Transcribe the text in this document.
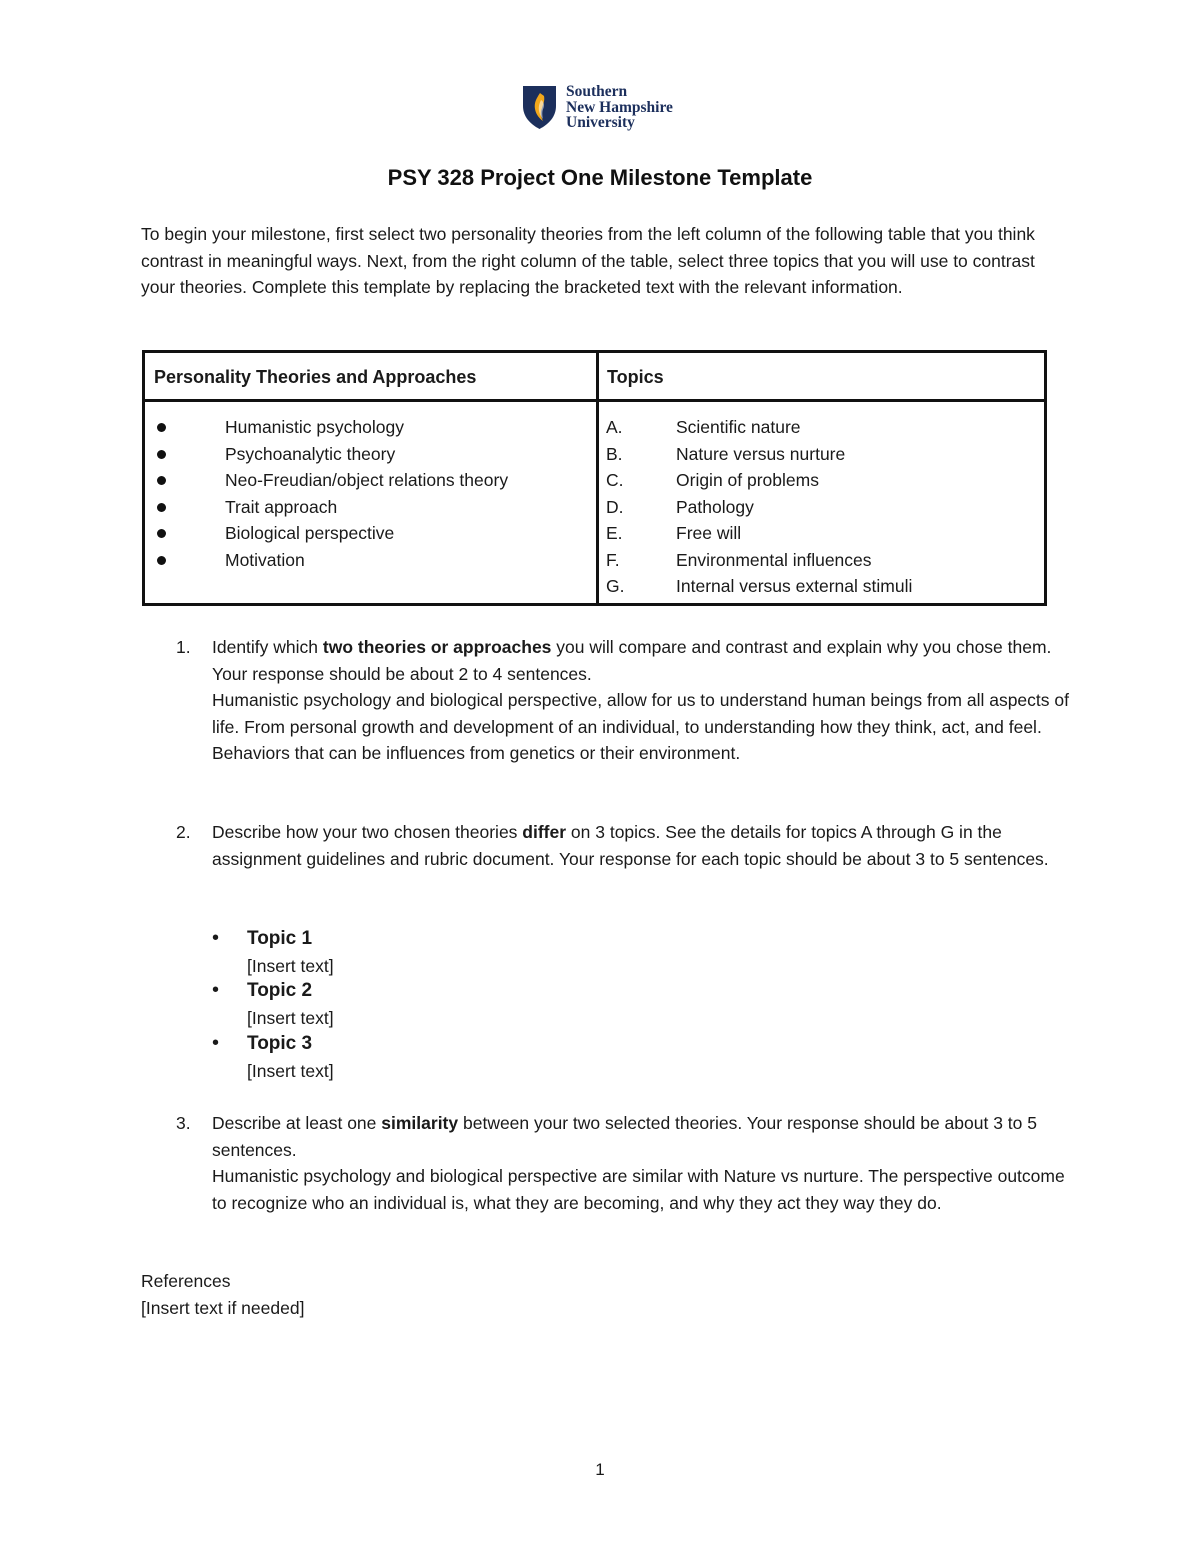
Southern
New Hampshire
University
PSY 328 Project One Milestone Template
To begin your milestone, first select two personality theories from the left column of the following table that you think contrast in meaningful ways. Next, from the right column of the table, select three topics that you will use to contrast your theories. Complete this template by replacing the bracketed text with the relevant information.
Personality Theories and Approaches	Topics
Humanistic psychology
Psychoanalytic theory
Neo-Freudian/object relations theory
Trait approach
Biological perspective
Motivation
A.	Scientific nature
B.	Nature versus nurture
C.	Origin of problems
D.	Pathology
E.	Free will
F.	Environmental influences
G.	Internal versus external stimuli
1. Identify which two theories or approaches you will compare and contrast and explain why you chose them. Your response should be about 2 to 4 sentences.
Humanistic psychology and biological perspective, allow for us to understand human beings from all aspects of life. From personal growth and development of an individual, to understanding how they think, act, and feel. Behaviors that can be influences from genetics or their environment.
2. Describe how your two chosen theories differ on 3 topics. See the details for topics A through G in the assignment guidelines and rubric document. Your response for each topic should be about 3 to 5 sentences.
• Topic 1
[Insert text]
• Topic 2
[Insert text]
• Topic 3
[Insert text]
3. Describe at least one similarity between your two selected theories. Your response should be about 3 to 5 sentences.
Humanistic psychology and biological perspective are similar with Nature vs nurture. The perspective outcome to recognize who an individual is, what they are becoming, and why they act they way they do.
References
[Insert text if needed]
1
